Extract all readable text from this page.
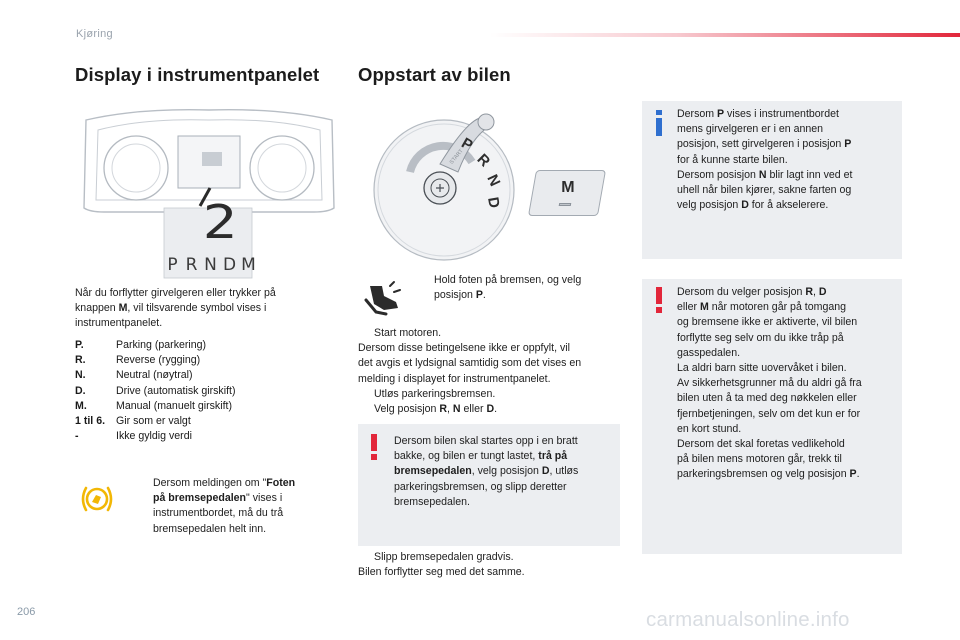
Kjøring
Display i instrumentpanelet
2
P R N D M
Når du forflytter girvelgeren eller trykker på
knappen M, vil tilsvarende symbol vises i
instrumentpanelet.
P.	Parking (parkering)
R.	Reverse (rygging)
N.	Neutral (nøytral)
D.	Drive (automatisk girskift)
M.	Manual (manuelt girskift)
1 til 6.	Gir som er valgt
-	Ikke gyldig verdi
Dersom meldingen om "Foten
på bremsepedalen" vises i
instrumentbordet, må du trå
bremsepedalen helt inn.
Oppstart av bilen
P
R
N
D
START
M
Hold foten på bremsen, og velg
posisjon P.
Start motoren.
Dersom disse betingelsene ikke er oppfylt, vil
det avgis et lydsignal samtidig som det vises en
melding i displayet for instrumentpanelet.
Utløs parkeringsbremsen.
Velg posisjon R, N eller D.
Dersom bilen skal startes opp i en bratt
bakke, og bilen er tungt lastet, trå på
bremsepedalen, velg posisjon D, utløs
parkeringsbremsen, og slipp deretter
bremsepedalen.
Slipp bremsepedalen gradvis.
Bilen forflytter seg med det samme.
Dersom P vises i instrumentbordet
mens girvelgeren er i en annen
posisjon, sett girvelgeren i posisjon P
for å kunne starte bilen.
Dersom posisjon N blir lagt inn ved et
uhell når bilen kjører, sakne farten og
velg posisjon D for å akselerere.
Dersom du velger posisjon R, D
eller M når motoren går på tomgang
og bremsene ikke er aktiverte, vil bilen
forflytte seg selv om du ikke tråр på
gasspedalen.
La aldri barn sitte uovervåket i bilen.
Av sikkerhetsgrunner må du aldri gå fra
bilen uten å ta med deg nøkkelen eller
fjernbetjeningen, selv om det kun er for
en kort stund.
Dersom det skal foretas vedlikehold
på bilen mens motoren går, trekk til
parkeringsbremsen og velg posisjon P.
206	carmanualsonline.info
